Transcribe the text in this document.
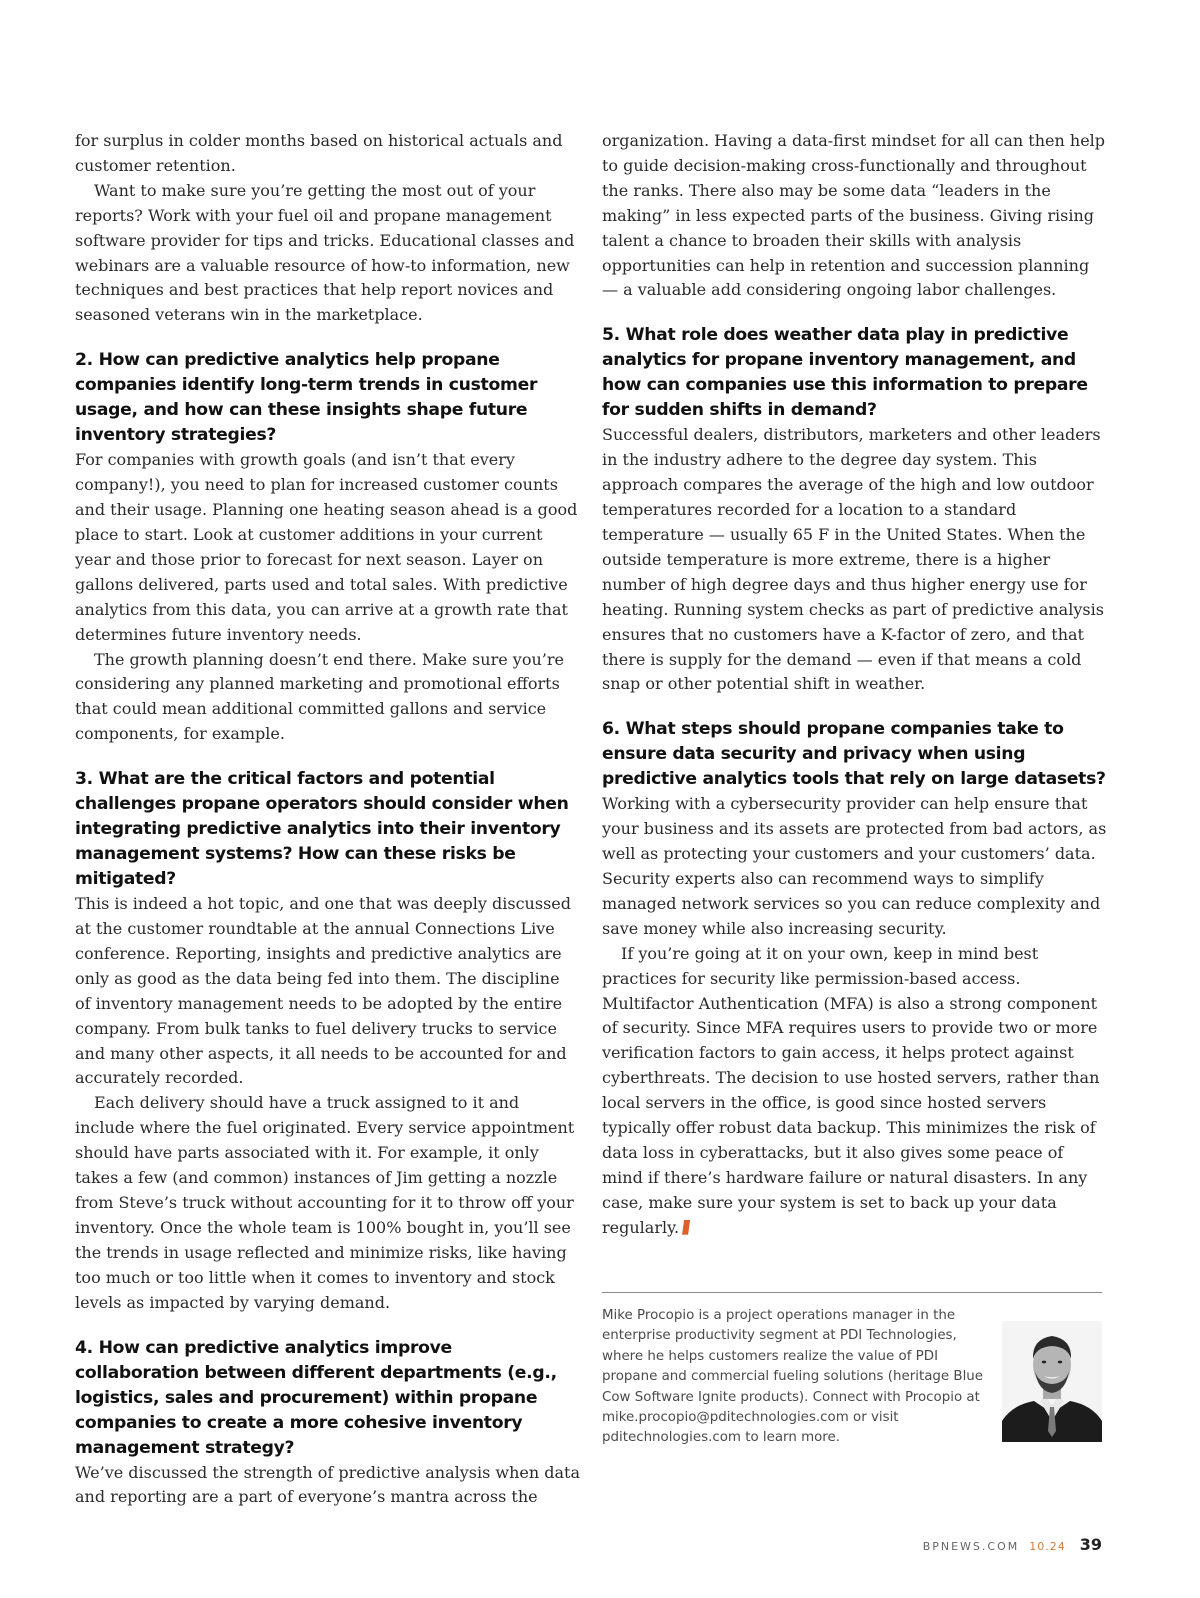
for surplus in colder months based on historical actuals and customer retention.

Want to make sure you’re getting the most out of your reports? Work with your fuel oil and propane management software provider for tips and tricks. Educational classes and webinars are a valuable resource of how-to information, new techniques and best practices that help report novices and seasoned veterans win in the marketplace.

2. How can predictive analytics help propane companies identify long-term trends in customer usage, and how can these insights shape future inventory strategies?

For companies with growth goals (and isn’t that every company!), you need to plan for increased customer counts and their usage. Planning one heating season ahead is a good place to start. Look at customer additions in your current year and those prior to forecast for next season. Layer on gallons delivered, parts used and total sales. With predictive analytics from this data, you can arrive at a growth rate that determines future inventory needs.

The growth planning doesn’t end there. Make sure you’re considering any planned marketing and promotional efforts that could mean additional committed gallons and service components, for example.

3. What are the critical factors and potential challenges propane operators should consider when integrating predictive analytics into their inventory management systems? How can these risks be mitigated?

This is indeed a hot topic, and one that was deeply discussed at the customer roundtable at the annual Connections Live conference. Reporting, insights and predictive analytics are only as good as the data being fed into them. The discipline of inventory management needs to be adopted by the entire company. From bulk tanks to fuel delivery trucks to service and many other aspects, it all needs to be accounted for and accurately recorded.

Each delivery should have a truck assigned to it and include where the fuel originated. Every service appointment should have parts associated with it. For example, it only takes a few (and common) instances of Jim getting a nozzle from Steve’s truck without accounting for it to throw off your inventory. Once the whole team is 100% bought in, you’ll see the trends in usage reflected and minimize risks, like having too much or too little when it comes to inventory and stock levels as impacted by varying demand.

4. How can predictive analytics improve collaboration between different departments (e.g., logistics, sales and procurement) within propane companies to create a more cohesive inventory management strategy?

We’ve discussed the strength of predictive analysis when data and reporting are a part of everyone’s mantra across the

organization. Having a data-first mindset for all can then help to guide decision-making cross-functionally and throughout the ranks. There also may be some data “leaders in the making” in less expected parts of the business. Giving rising talent a chance to broaden their skills with analysis opportunities can help in retention and succession planning — a valuable add considering ongoing labor challenges.

5. What role does weather data play in predictive analytics for propane inventory management, and how can companies use this information to prepare for sudden shifts in demand?

Successful dealers, distributors, marketers and other leaders in the industry adhere to the degree day system. This approach compares the average of the high and low outdoor temperatures recorded for a location to a standard temperature — usually 65 F in the United States. When the outside temperature is more extreme, there is a higher number of high degree days and thus higher energy use for heating. Running system checks as part of predictive analysis ensures that no customers have a K-factor of zero, and that there is supply for the demand — even if that means a cold snap or other potential shift in weather.

6. What steps should propane companies take to ensure data security and privacy when using predictive analytics tools that rely on large datasets?

Working with a cybersecurity provider can help ensure that your business and its assets are protected from bad actors, as well as protecting your customers and your customers’ data. Security experts also can recommend ways to simplify managed network services so you can reduce complexity and save money while also increasing security.

If you’re going at it on your own, keep in mind best practices for security like permission-based access. Multifactor Authentication (MFA) is also a strong component of security. Since MFA requires users to provide two or more verification factors to gain access, it helps protect against cyberthreats. The decision to use hosted servers, rather than local servers in the office, is good since hosted servers typically offer robust data backup. This minimizes the risk of data loss in cyberattacks, but it also gives some peace of mind if there’s hardware failure or natural disasters. In any case, make sure your system is set to back up your data regularly.

Mike Procopio is a project operations manager in the enterprise productivity segment at PDI Technologies, where he helps customers realize the value of PDI propane and commercial fueling solutions (heritage Blue Cow Software Ignite products). Connect with Procopio at mike.procopio@pditechnologies.com or visit pditechnologies.com to learn more.
BPNEWS.COM 10.24 39
